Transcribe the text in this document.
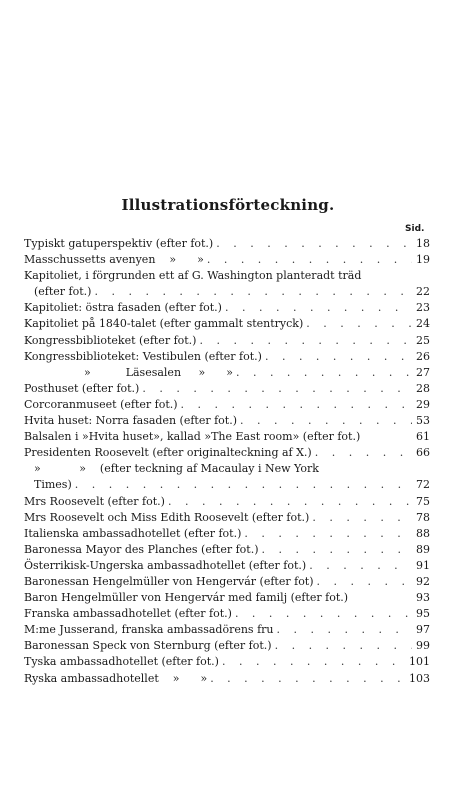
Illustrationsförteckning.
Sid.
Typiskt gatuperspektiv (efter fot.) . . .	18
Masschussetts avenyen    »      » . . .	19
Kapitoliet, i förgrunden ett af G. Washington planteradt träd
(efter fot.) . . .	22
Kapitoliet: östra fasaden (efter fot.) . . .	23
Kapitoliet på 1840-talet (efter gammalt stentryck) . . .	24
Kongressbiblioteket (efter fot.) . . .	25
Kongressbiblioteket: Vestibulen (efter fot.) . . .	26
»          Läsesalen     »      » . . .	27
Posthuset (efter fot.) . . .	28
Corcoranmuseet (efter fot.) . . .	29
Hvita huset: Norra fasaden (efter fot.) . . .	53
Balsalen i »Hvita huset», kallad »The East room» (efter fot.)	61
Presidenten Roosevelt (efter originalteckning af X.) . . .	66
»           »    (efter teckning af Macaulay i New York
Times) . . .	72
Mrs Roosevelt (efter fot.) . . .	75
Mrs Roosevelt och Miss Edith Roosevelt (efter fot.) . . .	78
Italienska ambassadhotellet (efter fot.) . . .	88
Baronessa Mayor des Planches (efter fot.) . . .	89
Österrikisk-Ungerska ambassadhotellet (efter fot.) . . .	91
Baronessan Hengelmüller von Hengervár (efter fot) . . .	92
Baron Hengelmüller von Hengervár med familj (efter fot.)	93
Franska ambassadhotellet (efter fot.) . . .	95
M:me Jusserand, franska ambassadörens fru . . .	97
Baronessan Speck von Sternburg (efter fot.) . . .	99
Tyska ambassadhotellet (efter fot.) . . .	101
Ryska ambassadhotellet    »      » . . .	103
